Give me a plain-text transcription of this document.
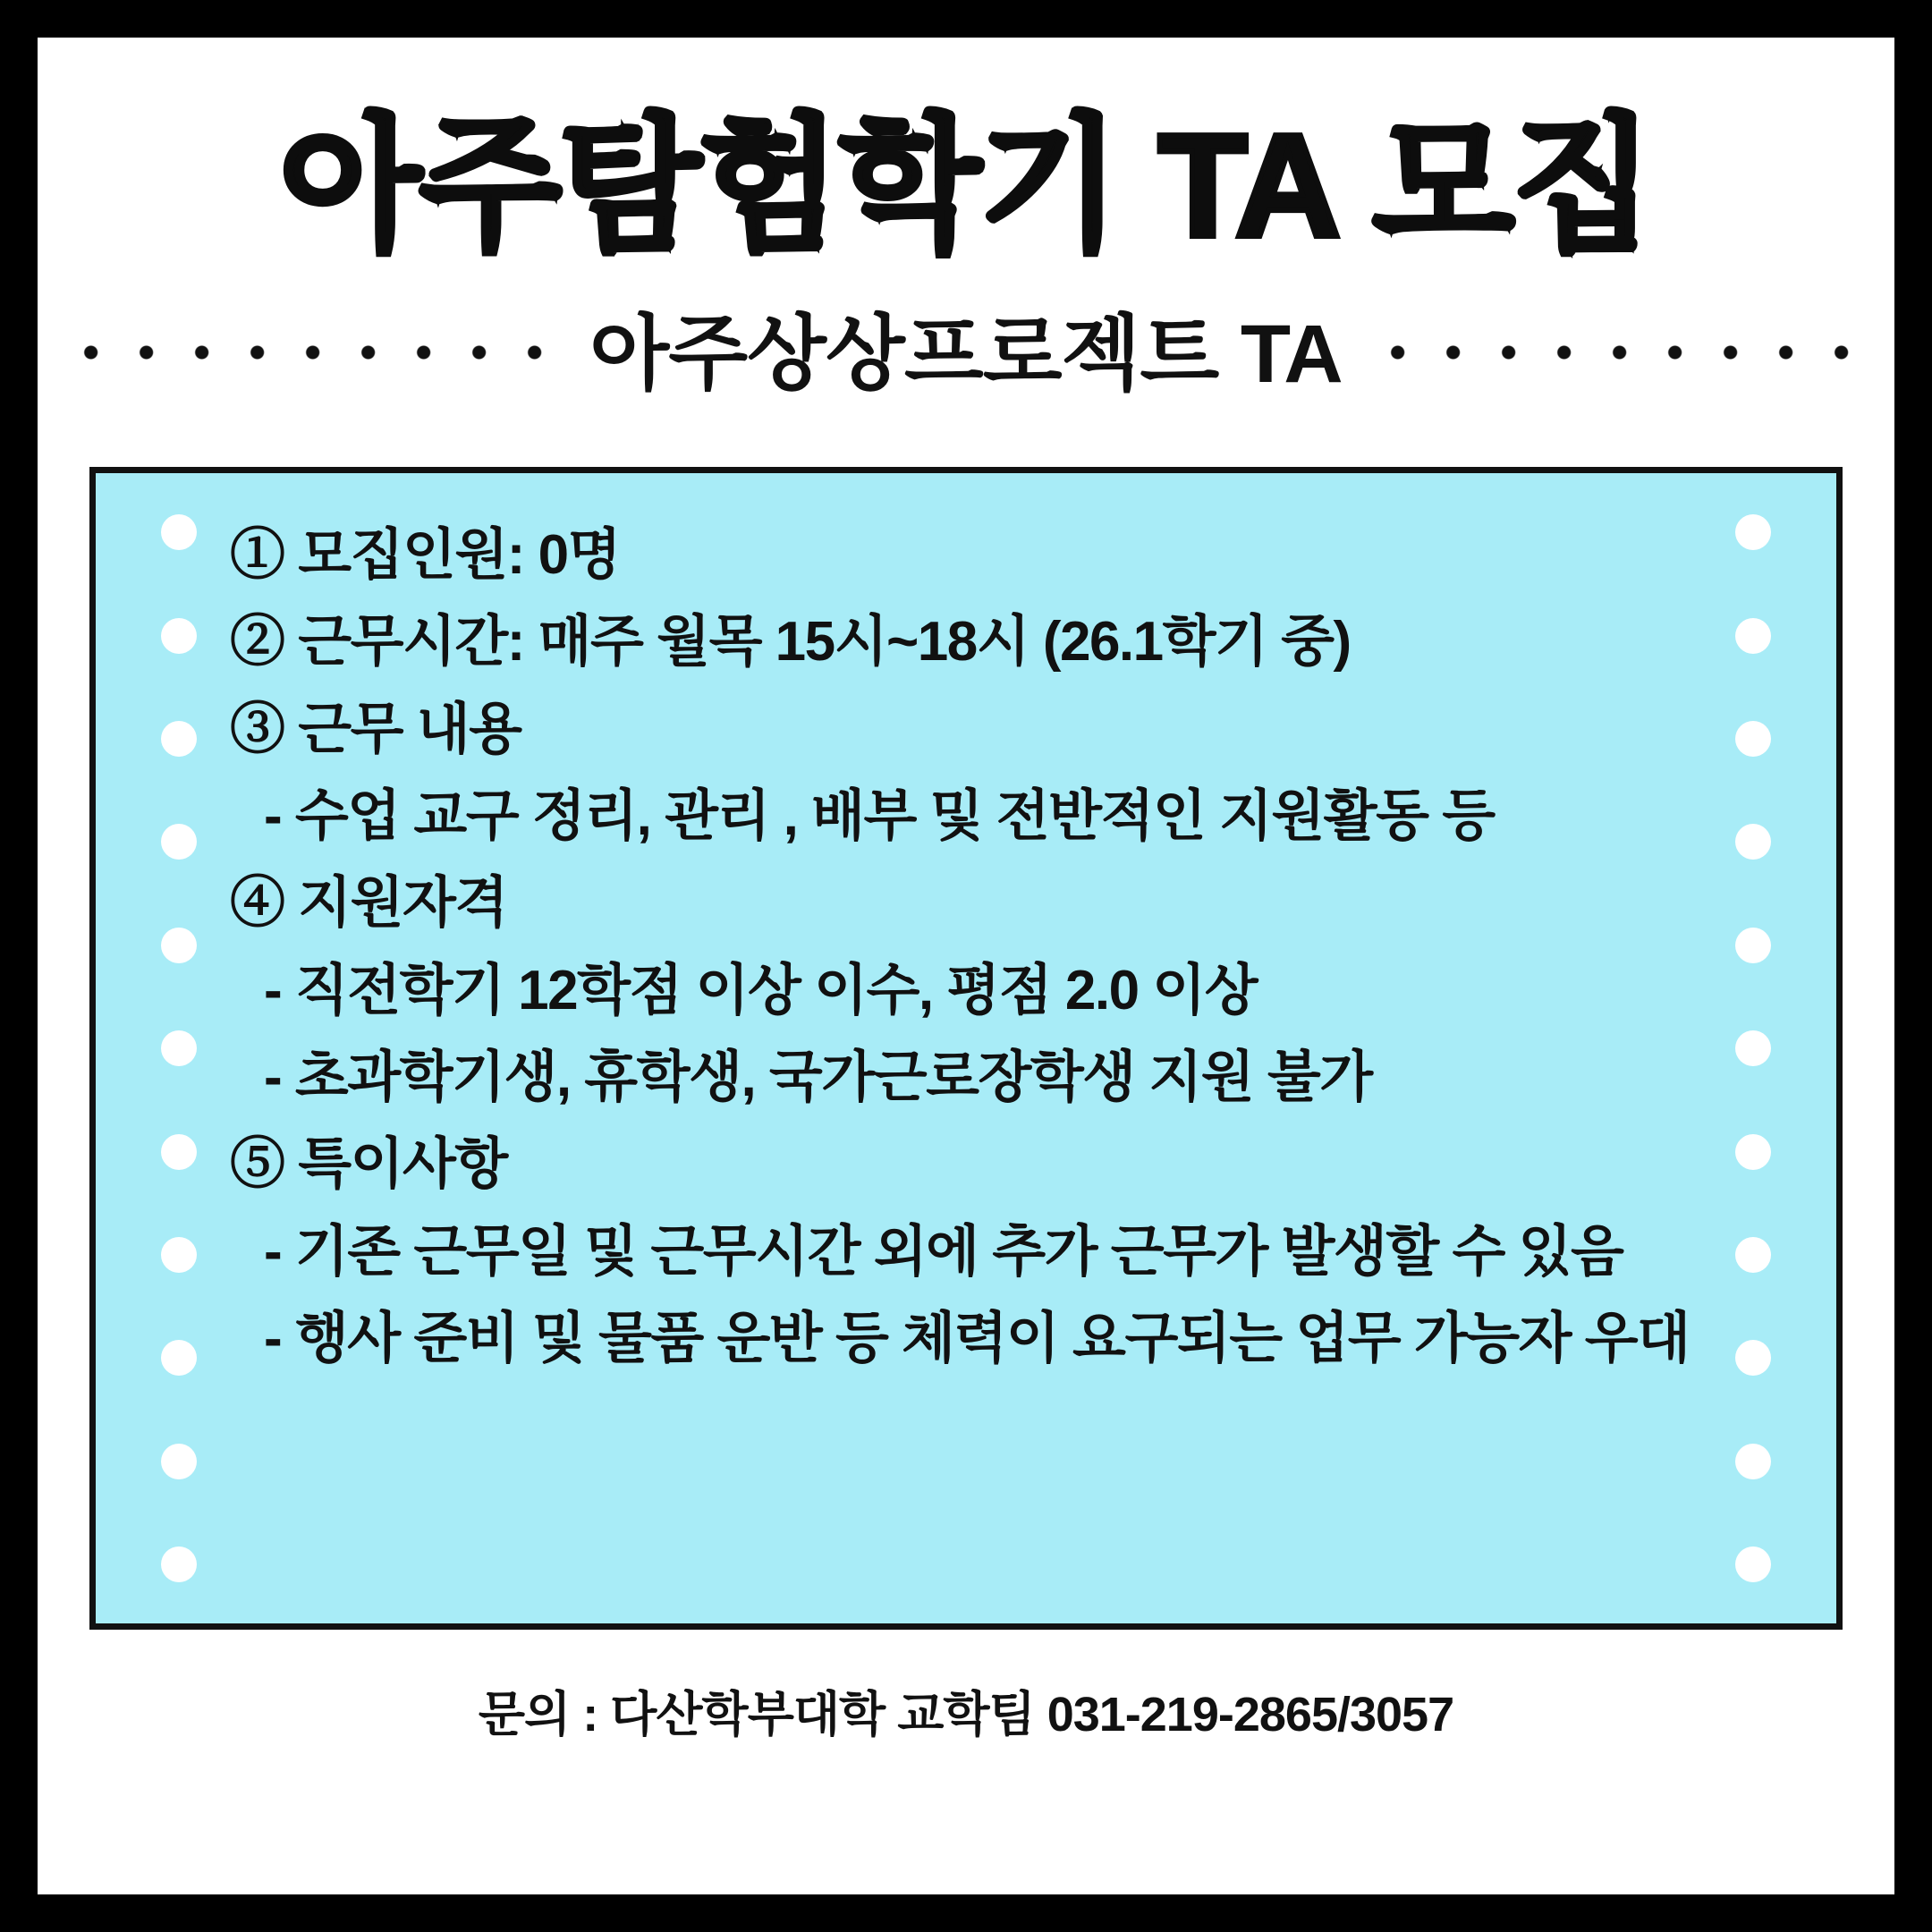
아주탐험학기 TA 모집
아주상상프로젝트 TA
① 모집인원: 0명
② 근무시간: 매주 월목 15시~18시 (26.1학기 중)
③ 근무 내용
- 수업 교구 정리, 관리 , 배부 및 전반적인 지원활동 등
④ 지원자격
- 직전학기 12학점 이상 이수, 평점 2.0 이상
- 초과학기생, 휴학생, 국가근로장학생 지원 불가
⑤ 특이사항
- 기존 근무일 및 근무시간 외에 추가 근무가 발생할 수 있음
- 행사 준비 및 물품 운반 등 체력이 요구되는 업무 가능자 우대
문의 : 다산학부대학 교학팀 031-219-2865/3057
